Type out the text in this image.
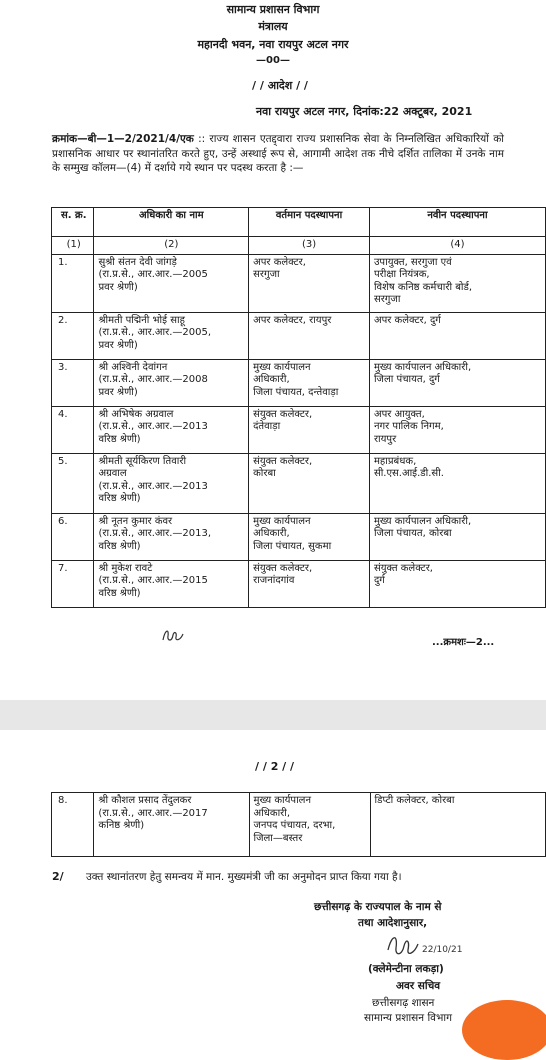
सामान्य प्रशासन विभाग
मंत्रालय
महानदी भवन, नवा रायपुर अटल नगर
—00—
/ / आदेश / /
नवा रायपुर अटल नगर, दिनांक:22 अक्टूबर, 2021
क्रमांक—बी—1—2/2021/4/एक :: राज्य शासन एतद्द्वारा राज्य प्रशासनिक सेवा के निम्नलिखित अधिकारियों को प्रशासनिक आधार पर स्थानांतरित करते हुए, उन्हें अस्थाई रूप से, आगामी आदेश तक नीचे दर्शित तालिका में उनके नाम के सम्मुख कॉलम—(4) में दर्शाये गये स्थान पर पदस्थ करता है :—
स. क्र.	अधिकारी का नाम	वर्तमान पदस्थापना	नवीन पदस्थापना
(1)	(2)	(3)	(4)
1.	सुश्री संतन देवी जांगड़े
(रा.प्र.से., आर.आर.—2005
प्रवर श्रेणी)	अपर कलेक्टर,
सरगुजा	उपायुक्त, सरगुजा एवं
परीक्षा नियंत्रक,
विशेष कनिष्ठ कर्मचारी बोर्ड,
सरगुजा
2.	श्रीमती पद्मिनी भोई साहू
(रा.प्र.से., आर.आर.—2005,
प्रवर श्रेणी)	अपर कलेक्टर, रायपुर	अपर कलेक्टर, दुर्ग
3.	श्री अश्विनी देवांगन
(रा.प्र.से., आर.आर.—2008
प्रवर श्रेणी)	मुख्य कार्यपालन
अधिकारी,
जिला पंचायत, दन्तेवाड़ा	मुख्य कार्यपालन अधिकारी,
जिला पंचायत, दुर्ग
4.	श्री अभिषेक अग्रवाल
(रा.प्र.से., आर.आर.—2013
वरिष्ठ श्रेणी)	संयुक्त कलेक्टर,
दंतेवाड़ा	अपर आयुक्त,
नगर पालिक निगम,
रायपुर
5.	श्रीमती सूर्यकिरण तिवारी
अग्रवाल
(रा.प्र.से., आर.आर.—2013
वरिष्ठ श्रेणी)	संयुक्त कलेक्टर,
कोरबा	महाप्रबंधक,
सी.एस.आई.डी.सी.
6.	श्री नूतन कुमार कंवर
(रा.प्र.से., आर.आर.—2013,
वरिष्ठ श्रेणी)	मुख्य कार्यपालन
अधिकारी,
जिला पंचायत, सुकमा	मुख्य कार्यपालन अधिकारी,
जिला पंचायत, कोरबा
7.	श्री मुकेश रावटे
(रा.प्र.से., आर.आर.—2015
वरिष्ठ श्रेणी)	संयुक्त कलेक्टर,
राजनांदगांव	संयुक्त कलेक्टर,
दुर्ग
...क्रमशः—2...
/ / 2 / /
8.	श्री कौशल प्रसाद तेंदुलकर
(रा.प्र.से., आर.आर.—2017
कनिष्ठ श्रेणी)	मुख्य कार्यपालन
अधिकारी,
जनपद पंचायत, दरभा,
जिला—बस्तर	डिप्टी कलेक्टर, कोरबा
2/ उक्त स्थानांतरण हेतु समन्वय में मान. मुख्यमंत्री जी का अनुमोदन प्राप्त किया गया है।
छत्तीसगढ़ के राज्यपाल के नाम से
तथा आदेशानुसार,
22/10/21
(क्लेमेन्टीना लकड़ा)
अवर सचिव
छत्तीसगढ़ शासन
सामान्य प्रशासन विभाग
